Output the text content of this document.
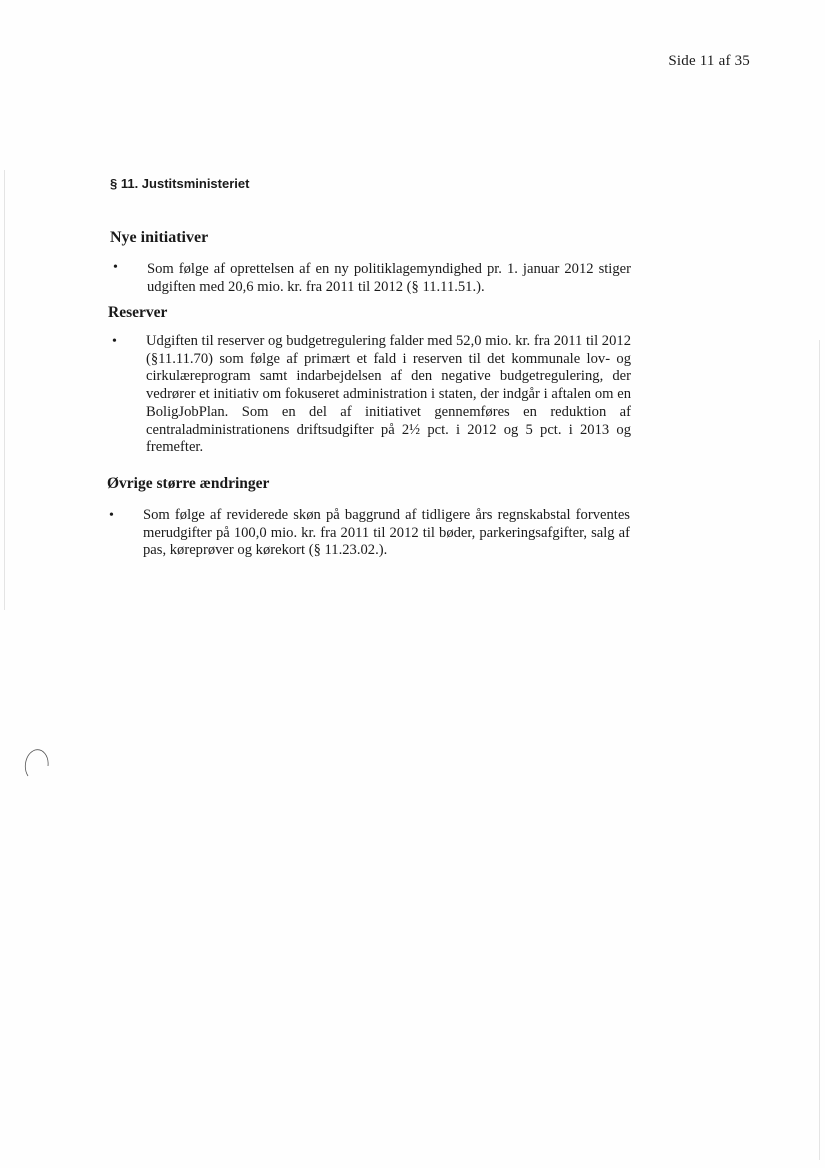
Side 11 af 35
§ 11. Justitsministeriet
Nye initiativer
• Som følge af oprettelsen af en ny politiklagemyndighed pr. 1. januar 2012 stiger udgiften med 20,6 mio. kr. fra 2011 til 2012 (§ 11.11.51.).
Reserver
• Udgiften til reserver og budgetregulering falder med 52,0 mio. kr. fra 2011 til 2012 (§11.11.70) som følge af primært et fald i reserven til det kommunale lov- og cirkulæreprogram samt indarbejdelsen af den negative budgetregulering, der vedrører et initiativ om fokuseret administration i staten, der indgår i aftalen om en BoligJobPlan. Som en del af initiativet gennemføres en reduktion af centraladministrationens driftsudgifter på 2½ pct. i 2012 og 5 pct. i 2013 og fremefter.
Øvrige større ændringer
• Som følge af reviderede skøn på baggrund af tidligere års regnskabstal forventes merudgifter på 100,0 mio. kr. fra 2011 til 2012 til bøder, parkeringsafgifter, salg af pas, køreprøver og kørekort (§ 11.23.02.).
